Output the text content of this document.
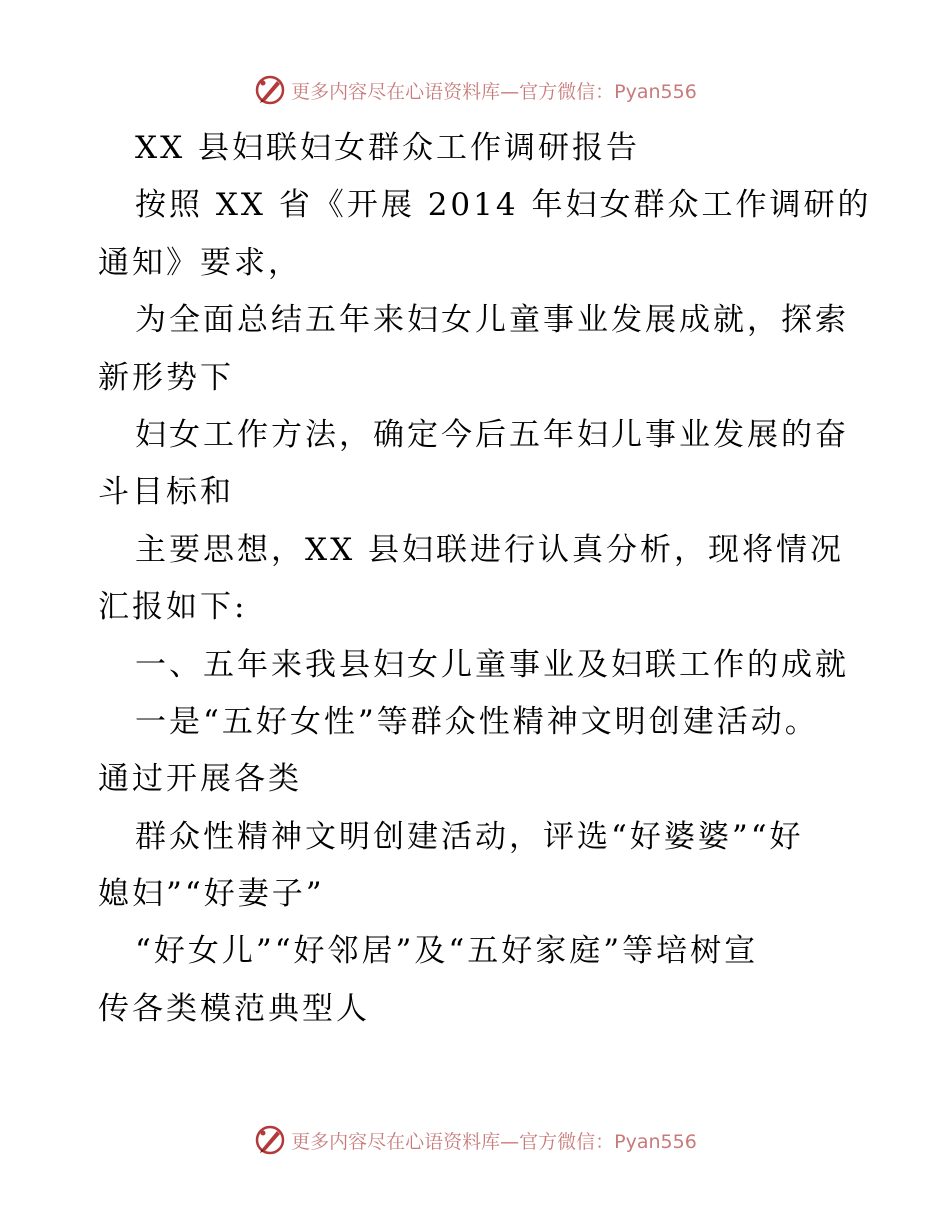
更多内容尽在心语资料库—官方微信：Pyan556
XX 县妇联妇女群众工作调研报告
按照 XX 省《开展 2014 年妇女群众工作调研的
通知》要求，
为全面总结五年来妇女儿童事业发展成就，探索
新形势下
妇女工作方法，确定今后五年妇儿事业发展的奋
斗目标和
主要思想，XX 县妇联进行认真分析，现将情况
汇报如下:
一、五年来我县妇女儿童事业及妇联工作的成就
一是“五好女性”等群众性精神文明创建活动。
通过开展各类
群众性精神文明创建活动，评选“好婆婆”“好
媳妇”“好妻子”
“好女儿”“好邻居”及“五好家庭”等培树宣
传各类模范典型人
更多内容尽在心语资料库—官方微信：Pyan556
